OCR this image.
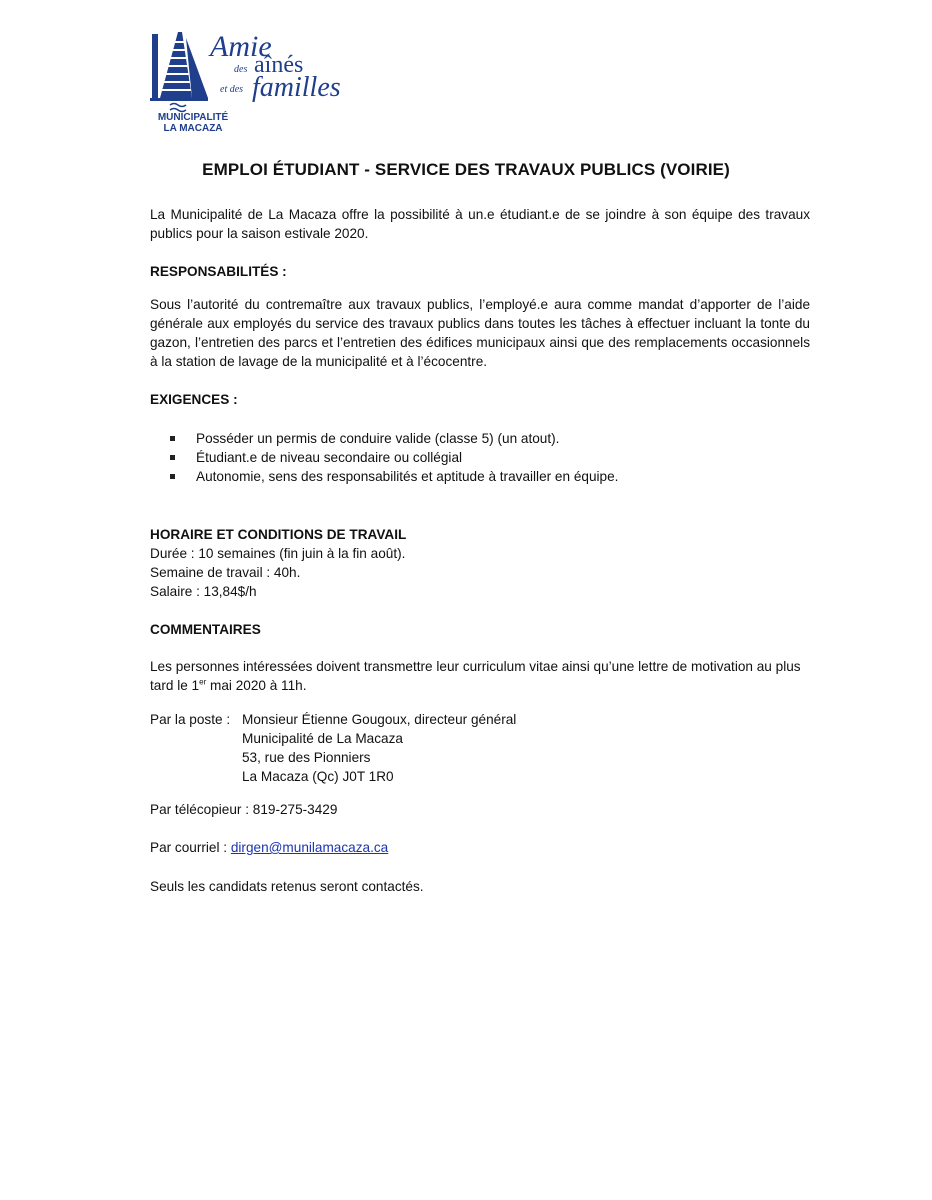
Amie
des aînés
et des familles
MUNICIPALITÉ
LA MACAZA
EMPLOI ÉTUDIANT - SERVICE DES TRAVAUX PUBLICS (VOIRIE)
La Municipalité de La Macaza offre la possibilité à un.e étudiant.e de se joindre à son équipe des travaux publics pour la saison estivale 2020.
RESPONSABILITÉS :
Sous l’autorité du contremaître aux travaux publics, l’employé.e aura comme mandat d’apporter de l’aide générale aux employés du service des travaux publics dans toutes les tâches à effectuer incluant la tonte du gazon, l’entretien des parcs et l’entretien des édifices municipaux ainsi que des remplacements occasionnels à la station de lavage de la municipalité et à l’écocentre.
EXIGENCES :
Posséder un permis de conduire valide (classe 5) (un atout).
Étudiant.e de niveau secondaire ou collégial
Autonomie, sens des responsabilités et aptitude à travailler en équipe.
HORAIRE ET CONDITIONS DE TRAVAIL
Durée : 10 semaines (fin juin à la fin août).
Semaine de travail : 40h.
Salaire : 13,84$/h
COMMENTAIRES
Les personnes intéressées doivent transmettre leur curriculum vitae ainsi qu’une lettre de motivation au plus tard le 1er mai 2020 à 11h.
Par la poste : Monsieur Étienne Gougoux, directeur général
Municipalité de La Macaza
53, rue des Pionniers
La Macaza (Qc) J0T 1R0
Par télécopieur : 819-275-3429
Par courriel : dirgen@munilamacaza.ca
Seuls les candidats retenus seront contactés.
